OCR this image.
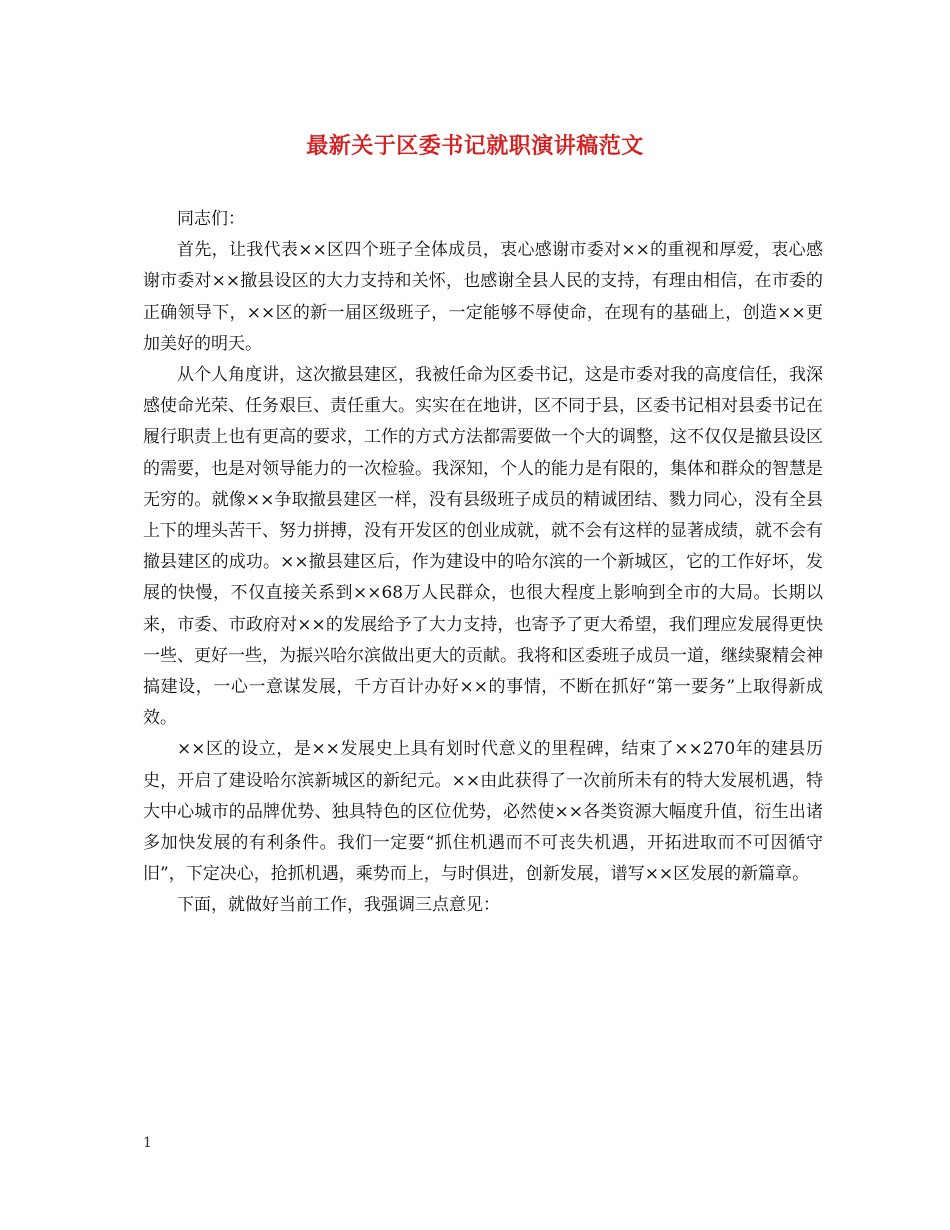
最新关于区委书记就职演讲稿范文

同志们：

首先，让我代表××区四个班子全体成员，衷心感谢市委对××的重视和厚爱，衷心感谢市委对××撤县设区的大力支持和关怀，也感谢全县人民的支持，有理由相信，在市委的正确领导下，××区的新一届区级班子，一定能够不辱使命，在现有的基础上，创造××更加美好的明天。

从个人角度讲，这次撤县建区，我被任命为区委书记，这是市委对我的高度信任，我深感使命光荣、任务艰巨、责任重大。实实在在地讲，区不同于县，区委书记相对县委书记在履行职责上也有更高的要求，工作的方式方法都需要做一个大的调整，这不仅仅是撤县设区的需要，也是对领导能力的一次检验。我深知，个人的能力是有限的，集体和群众的智慧是无穷的。就像××争取撤县建区一样，没有县级班子成员的精诚团结、戮力同心，没有全县上下的埋头苦干、努力拼搏，没有开发区的创业成就，就不会有这样的显著成绩，就不会有撤县建区的成功。××撤县建区后，作为建设中的哈尔滨的一个新城区，它的工作好坏，发展的快慢，不仅直接关系到××68万人民群众，也很大程度上影响到全市的大局。长期以来，市委、市政府对××的发展给予了大力支持，也寄予了更大希望，我们理应发展得更快一些、更好一些，为振兴哈尔滨做出更大的贡献。我将和区委班子成员一道，继续聚精会神搞建设，一心一意谋发展，千方百计办好××的事情，不断在抓好“第一要务”上取得新成效。

××区的设立，是××发展史上具有划时代意义的里程碑，结束了××270年的建县历史，开启了建设哈尔滨新城区的新纪元。××由此获得了一次前所未有的特大发展机遇，特大中心城市的品牌优势、独具特色的区位优势，必然使××各类资源大幅度升值，衍生出诸多加快发展的有利条件。我们一定要“抓住机遇而不可丧失机遇，开拓进取而不可因循守旧”，下定决心，抢抓机遇，乘势而上，与时俱进，创新发展，谱写××区发展的新篇章。

下面，就做好当前工作，我强调三点意见：

1
